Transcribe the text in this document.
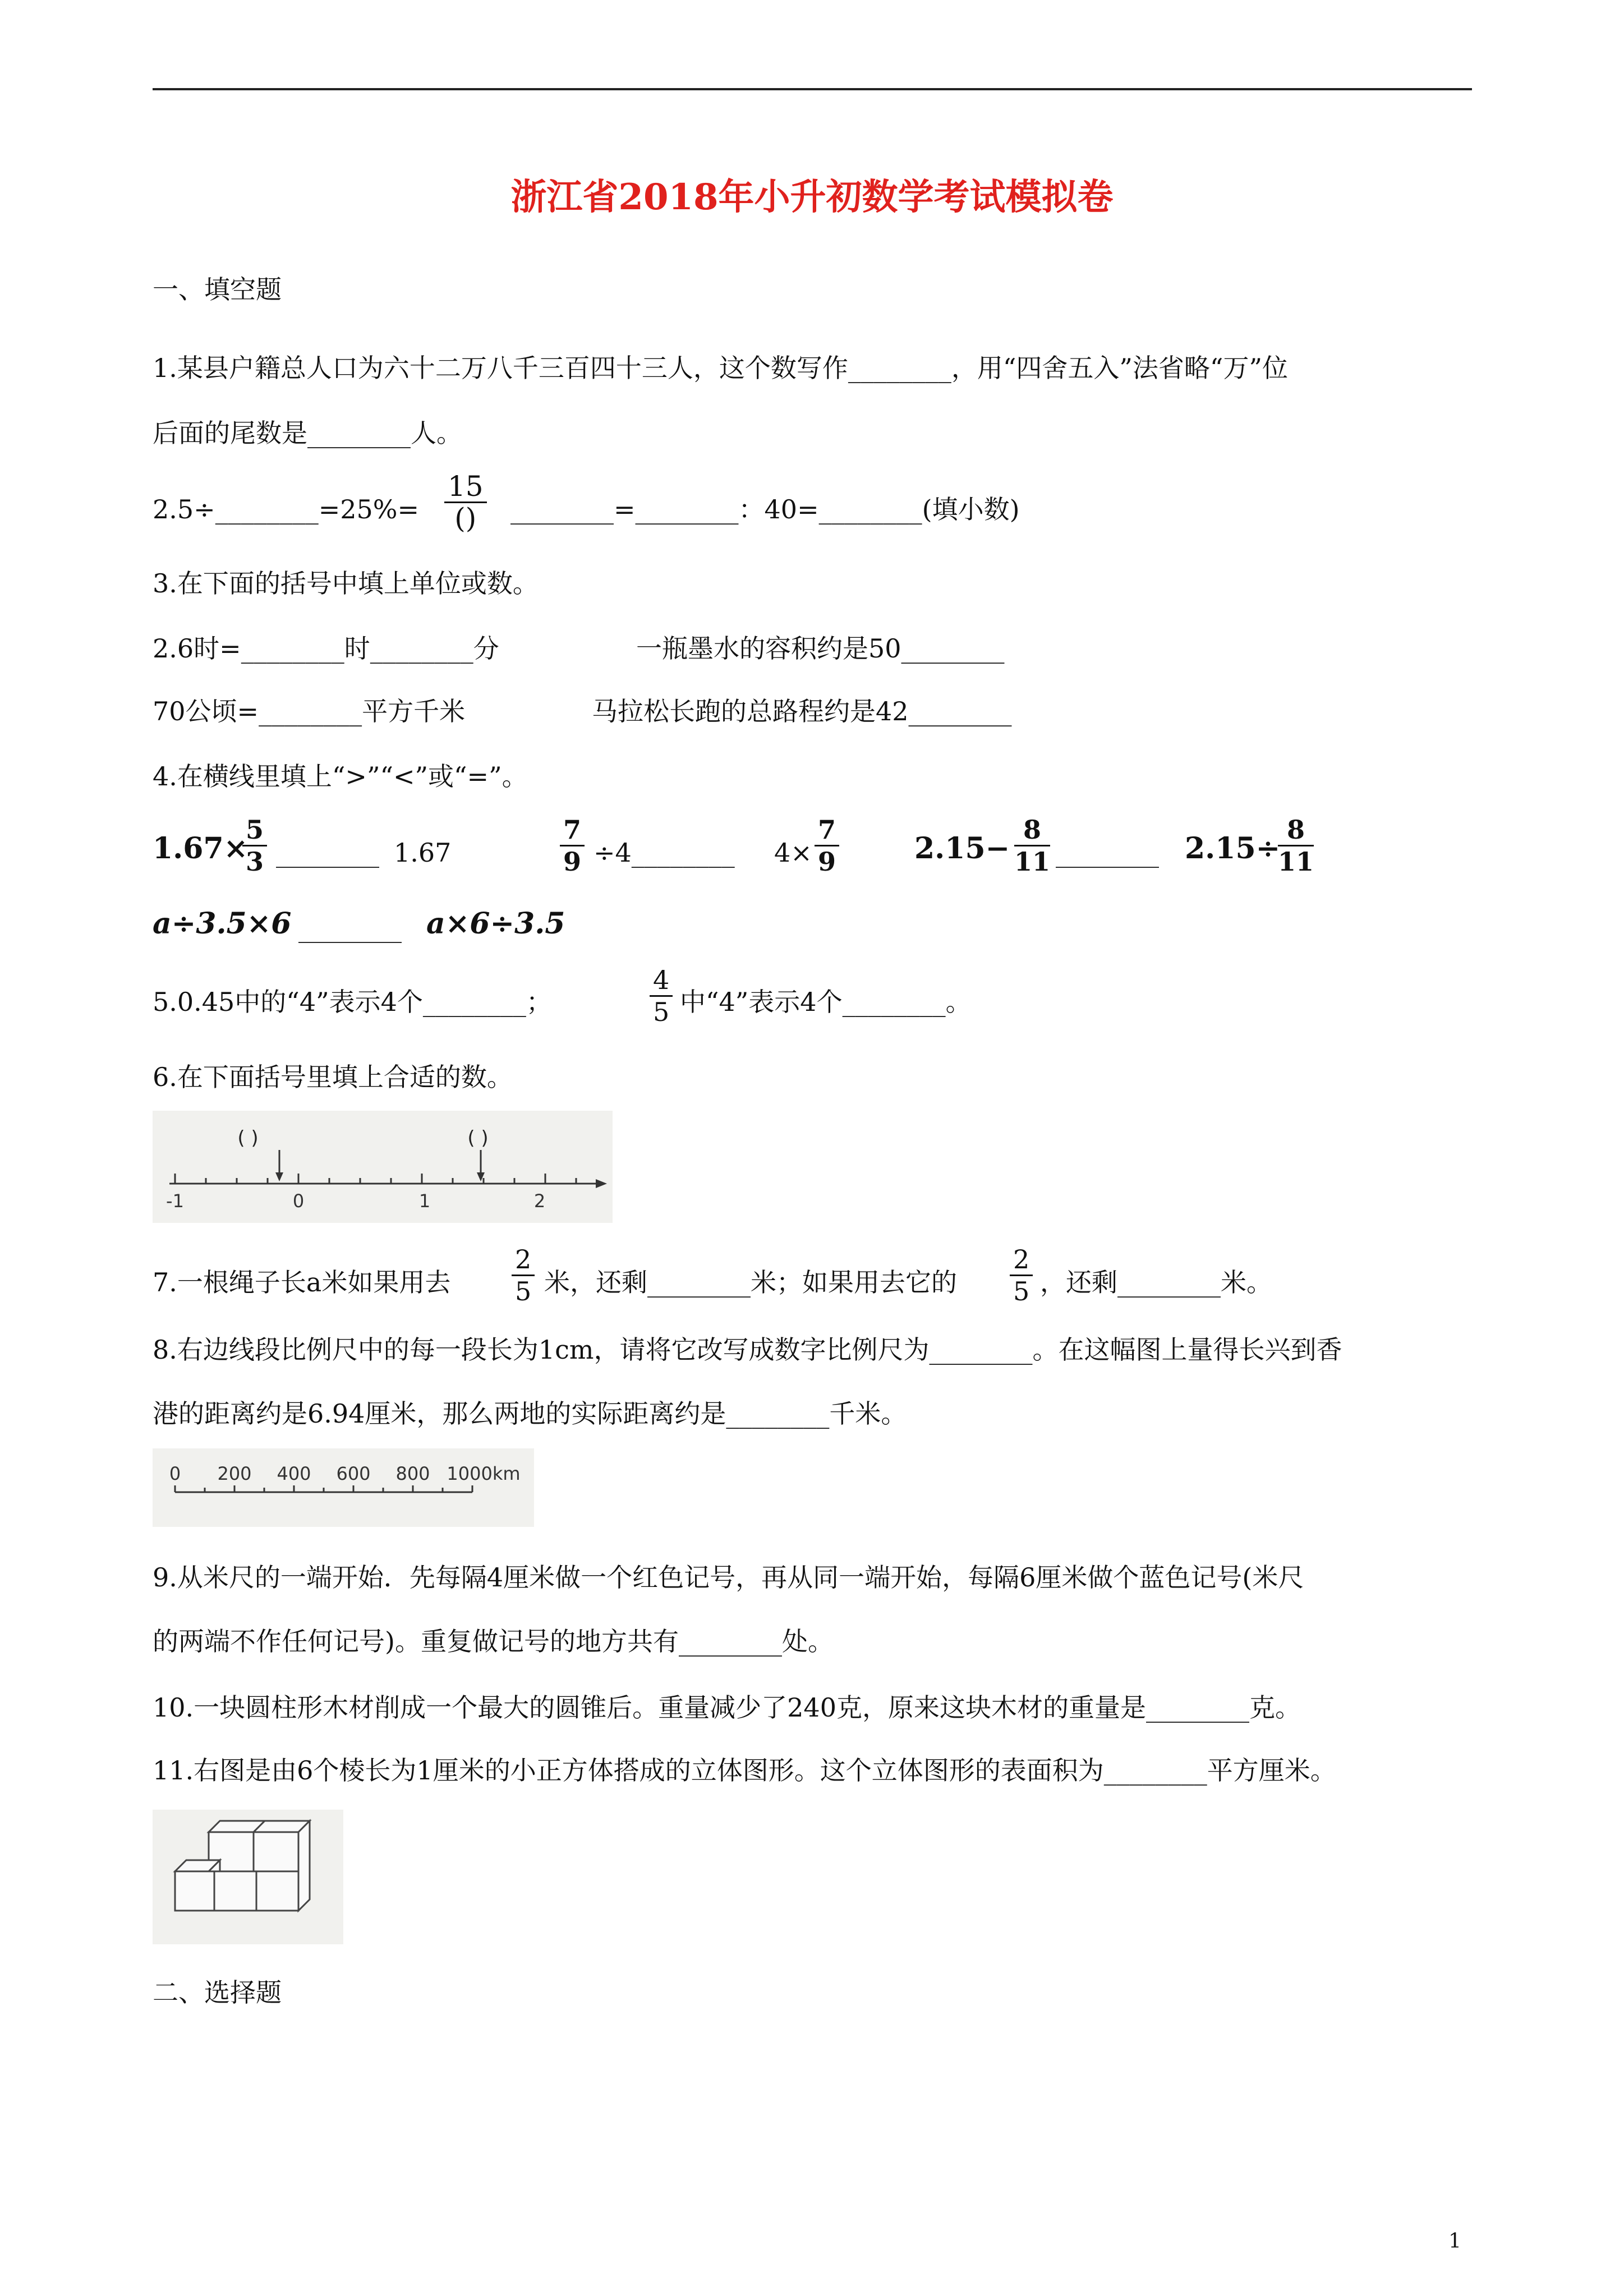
浙江省2018年小升初数学考试模拟卷
一、填空题
1.某县户籍总人口为六十二万八千三百四十三人，这个数写作________，用“四舍五入”法省略“万”位
后面的尾数是________人。
2.5÷________=25%=
15
()	________=________：40=________(填小数)
3.在下面的括号中填上单位或数。
2.6时=________时________分	一瓶墨水的容积约是50________
70公顷=________平方千米	马拉松长跑的总路程约是42________
4.在横线里填上“>”“<”或“=”。
1.67×
$\frac{5}{3}$ ________ 1.67	$\frac{7}{9}$ ÷4________ $4\times \frac{7}{9}$	$2.15- \frac{8}{11}$ ________ 2.15÷
$\frac{8}{11}$
a÷3.5×6 ________ a×6÷3.5
5.0.45中的“4”表示4个________；	$\frac{4}{5}$ 中“4”表示4个________。
6.在下面括号里填上合适的数。
( )	( )
-1	0	1	2
7.一根绳子长a米如果用去 $\frac{2}{5}$ 米，还剩________米；如果用去它的 $\frac{2}{5}$ ，还剩________米。
8.右边线段比例尺中的每一段长为1cm，请将它改写成数字比例尺为________。在这幅图上量得长兴到香
港的距离约是6.94厘米，那么两地的实际距离约是________千米。
0 200 400 600 800 1000km
9.从米尺的一端开始．先每隔4厘米做一个红色记号，再从同一端开始，每隔6厘米做个蓝色记号(米尺
的两端不作任何记号)。重复做记号的地方共有________处。
10.一块圆柱形木材削成一个最大的圆锥后。重量减少了240克，原来这块木材的重量是________克。
11.右图是由6个棱长为1厘米的小正方体搭成的立体图形。这个立体图形的表面积为________平方厘米。
二、选择题
1
